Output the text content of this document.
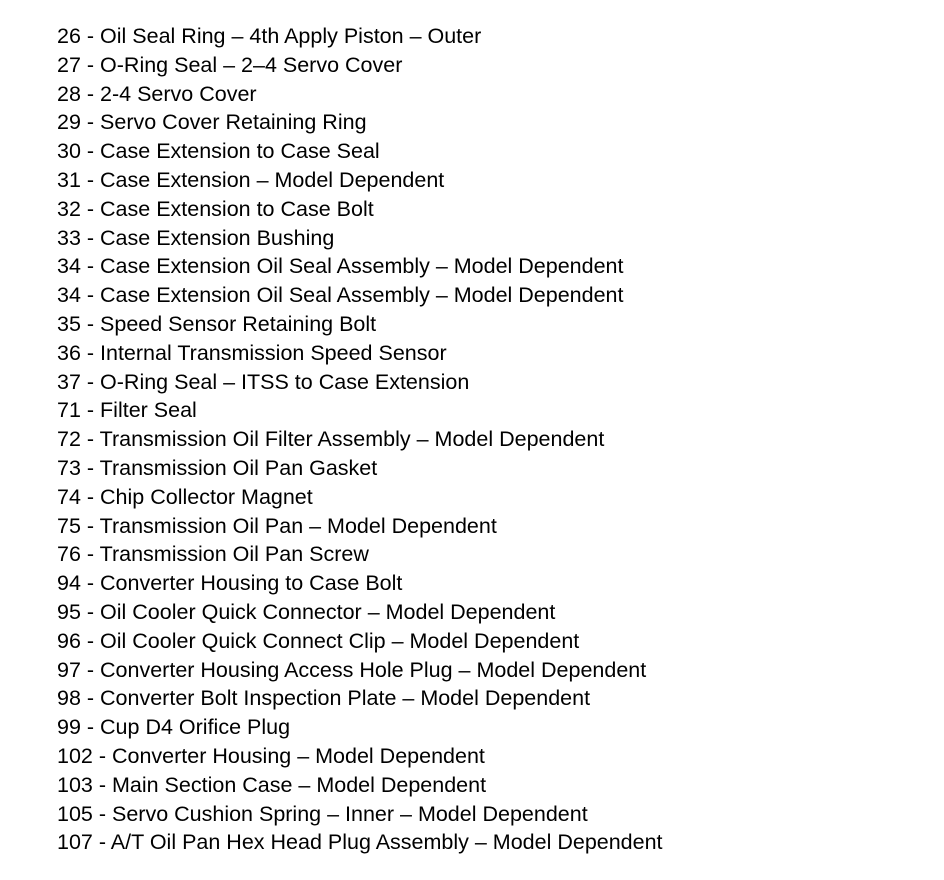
26 - Oil Seal Ring – 4th Apply Piston – Outer
27 - O-Ring Seal – 2–4 Servo Cover
28 - 2-4 Servo Cover
29 - Servo Cover Retaining Ring
30 - Case Extension to Case Seal
31 - Case Extension – Model Dependent
32 - Case Extension to Case Bolt
33 - Case Extension Bushing
34 - Case Extension Oil Seal Assembly – Model Dependent
34 - Case Extension Oil Seal Assembly – Model Dependent
35 - Speed Sensor Retaining Bolt
36 - Internal Transmission Speed Sensor
37 - O-Ring Seal – ITSS to Case Extension
71 - Filter Seal
72 - Transmission Oil Filter Assembly – Model Dependent
73 - Transmission Oil Pan Gasket
74 - Chip Collector Magnet
75 - Transmission Oil Pan – Model Dependent
76 - Transmission Oil Pan Screw
94 - Converter Housing to Case Bolt
95 - Oil Cooler Quick Connector – Model Dependent
96 - Oil Cooler Quick Connect Clip – Model Dependent
97 - Converter Housing Access Hole Plug – Model Dependent
98 - Converter Bolt Inspection Plate – Model Dependent
99 - Cup D4 Orifice Plug
102 - Converter Housing – Model Dependent
103 - Main Section Case – Model Dependent
105 - Servo Cushion Spring – Inner – Model Dependent
107 - A/T Oil Pan Hex Head Plug Assembly – Model Dependent
